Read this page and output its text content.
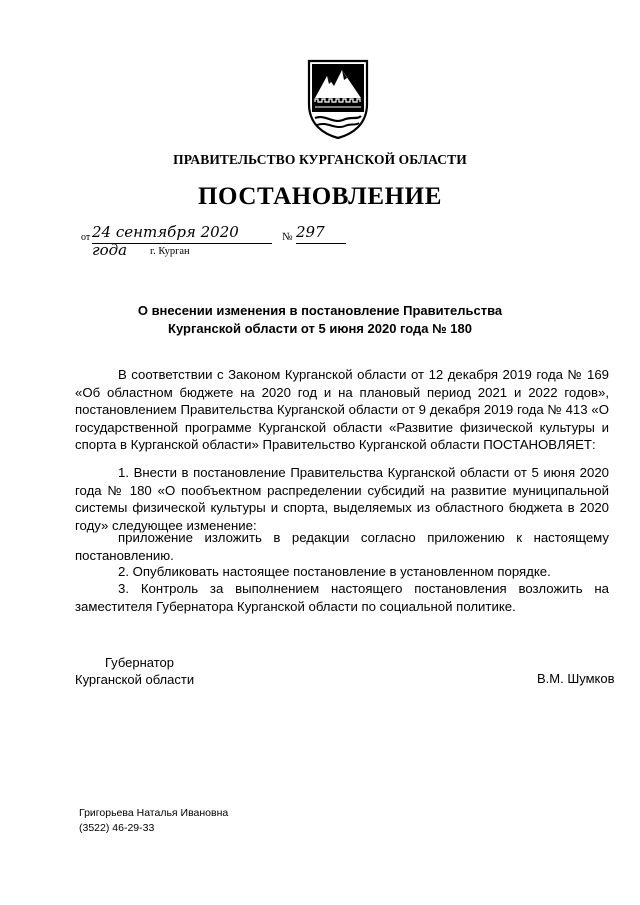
ПРАВИТЕЛЬСТВО КУРГАНСКОЙ ОБЛАСТИ
ПОСТАНОВЛЕНИЕ
от 24 сентября 2020 года
№ 297
г. Курган
О внесении изменения в постановление Правительства
Курганской области от 5 июня 2020 года № 180

В соответствии с Законом Курганской области от 12 декабря 2019 года № 169 «Об областном бюджете на 2020 год и на плановый период 2021 и 2022 годов», постановлением Правительства Курганской области от 9 декабря 2019 года № 413 «О государственной программе Курганской области «Развитие физической культуры и спорта в Курганской области» Правительство Курганской области ПОСТАНОВЛЯЕТ:

1. Внести в постановление Правительства Курганской области от 5 июня 2020 года № 180 «О пообъектном распределении субсидий на развитие муниципальной системы физической культуры и спорта, выделяемых из областного бюджета в 2020 году» следующее изменение:

приложение изложить в редакции согласно приложению к настоящему постановлению.

2. Опубликовать настоящее постановление в установленном порядке.

3. Контроль за выполнением настоящего постановления возложить на заместителя Губернатора Курганской области по социальной политике.

Губернатор
Курганской области	В.М. Шумков
Григорьева Наталья Ивановна
(3522) 46-29-33
